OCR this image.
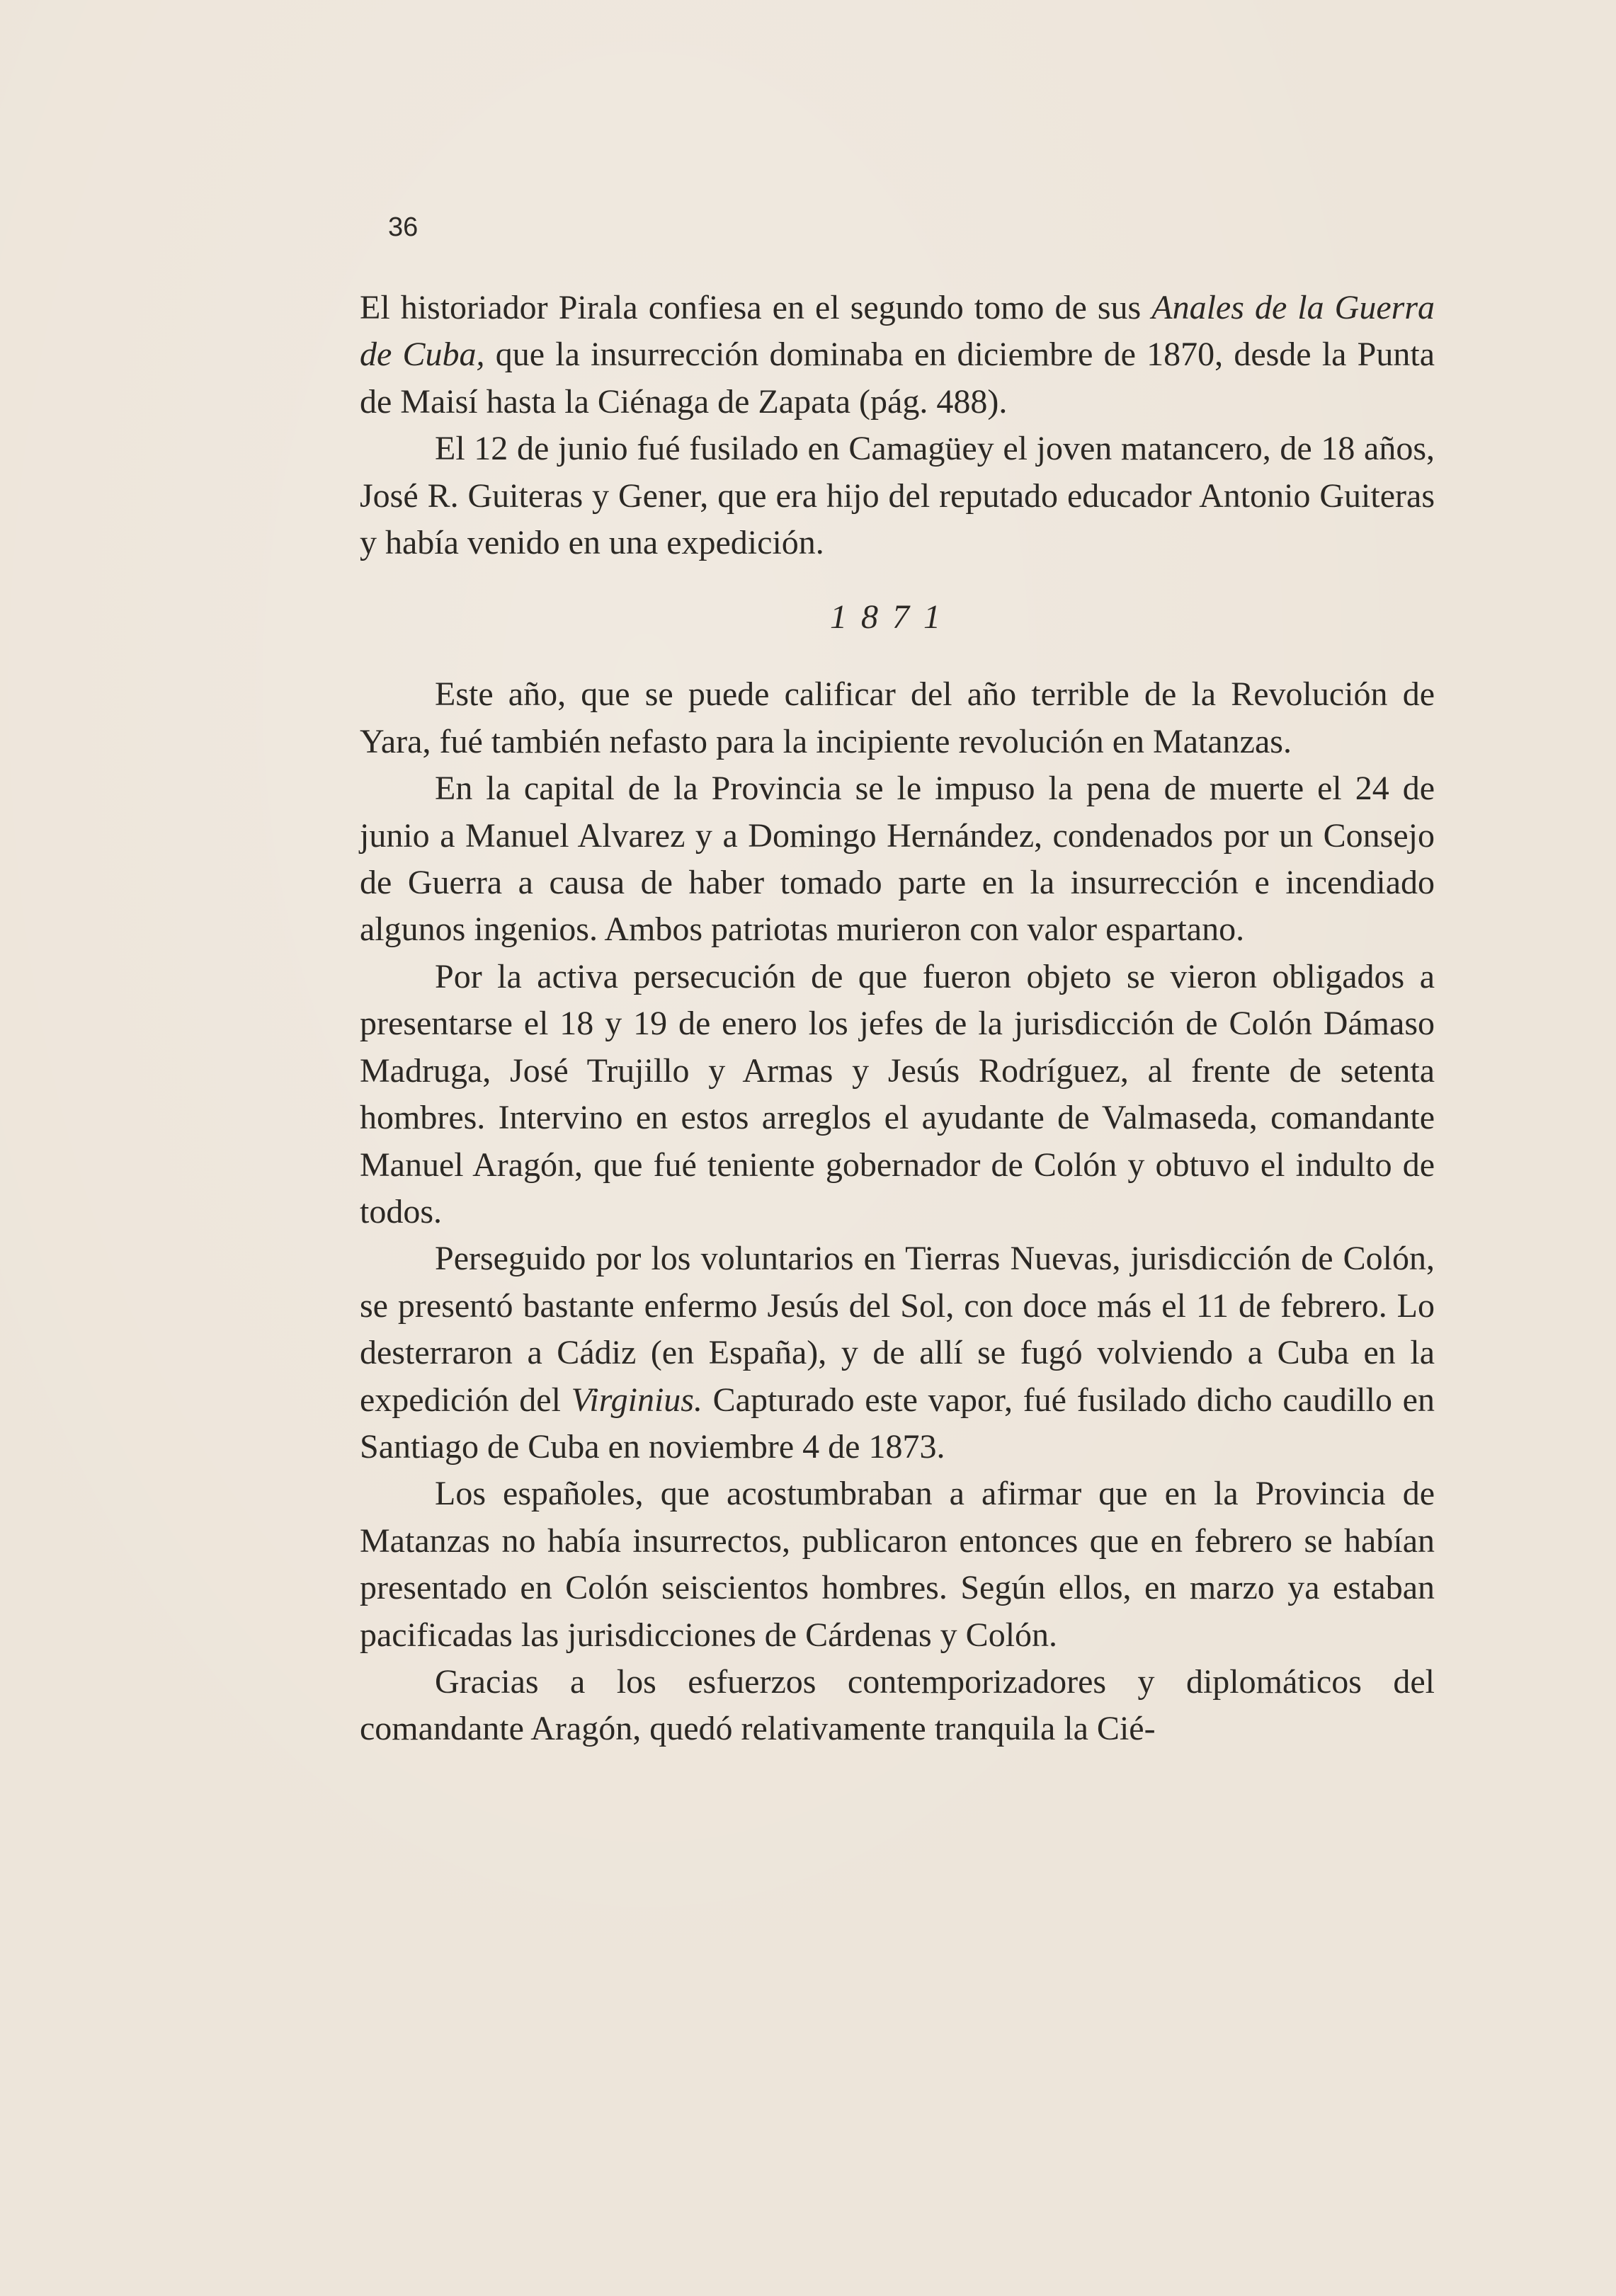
36

El historiador Pirala confiesa en el segundo tomo de sus Anales de la Guerra de Cuba, que la insurrección dominaba en diciembre de 1870, desde la Punta de Maisí hasta la Ciénaga de Zapata (pág. 488).

El 12 de junio fué fusilado en Camagüey el joven matancero, de 18 años, José R. Guiteras y Gener, que era hijo del reputado educador Antonio Guiteras y había venido en una expedición.

1871

Este año, que se puede calificar del año terrible de la Revolución de Yara, fué también nefasto para la incipiente revolución en Matanzas.

En la capital de la Provincia se le impuso la pena de muerte el 24 de junio a Manuel Alvarez y a Domingo Hernández, condenados por un Consejo de Guerra a causa de haber tomado parte en la insurrección e incendiado algunos ingenios. Ambos patriotas murieron con valor espartano.

Por la activa persecución de que fueron objeto se vieron obligados a presentarse el 18 y 19 de enero los jefes de la jurisdicción de Colón Dámaso Madruga, José Trujillo y Armas y Jesús Rodríguez, al frente de setenta hombres. Intervino en estos arreglos el ayudante de Valmaseda, comandante Manuel Aragón, que fué teniente gobernador de Colón y obtuvo el indulto de todos.

Perseguido por los voluntarios en Tierras Nuevas, jurisdicción de Colón, se presentó bastante enfermo Jesús del Sol, con doce más el 11 de febrero. Lo desterraron a Cádiz (en España), y de allí se fugó volviendo a Cuba en la expedición del Virginius. Capturado este vapor, fué fusilado dicho caudillo en Santiago de Cuba en noviembre 4 de 1873.

Los españoles, que acostumbraban a afirmar que en la Provincia de Matanzas no había insurrectos, publicaron entonces que en febrero se habían presentado en Colón seiscientos hombres. Según ellos, en marzo ya estaban pacificadas las jurisdicciones de Cárdenas y Colón.

Gracias a los esfuerzos contemporizadores y diplomáticos del comandante Aragón, quedó relativamente tranquila la Cié-
